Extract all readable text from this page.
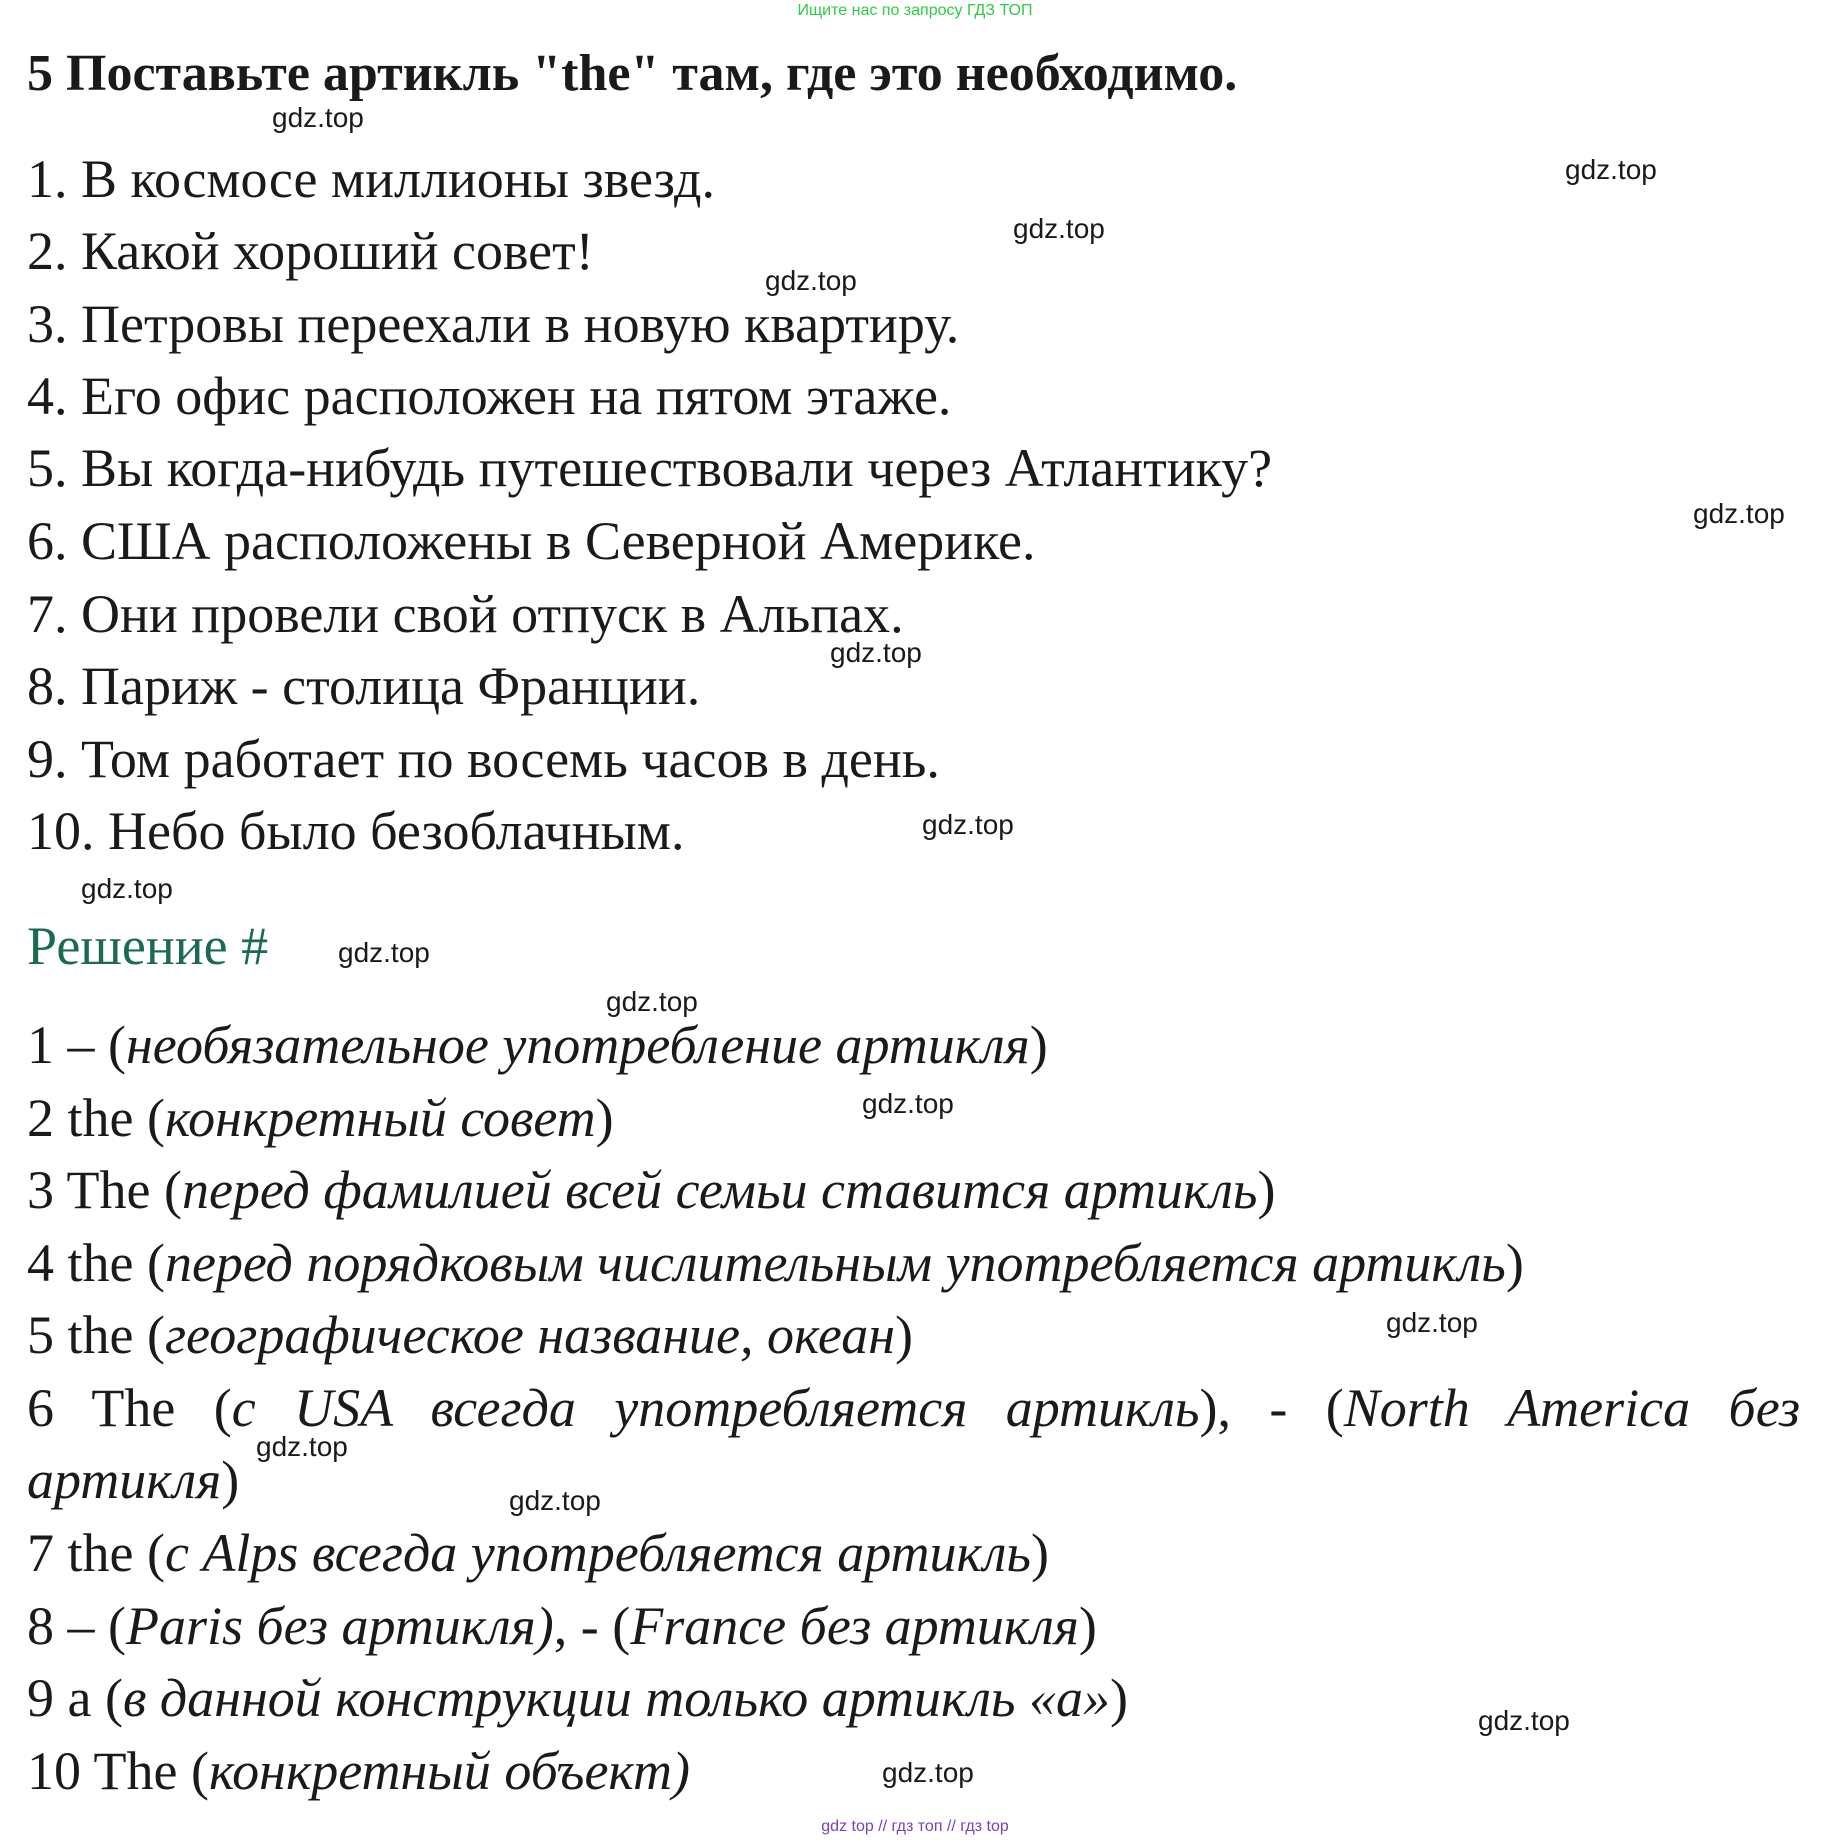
Ищите нас по запросу ГДЗ ТОП
5 Поставьте артикль "the" там, где это необходимо.
1. В космосе миллионы звезд.
2. Какой хороший совет!
3. Петровы переехали в новую квартиру.
4. Его офис расположен на пятом этаже.
5. Вы когда-нибудь путешествовали через Атлантику?
6. США расположены в Северной Америке.
7. Они провели свой отпуск в Альпах.
8. Париж - столица Франции.
9. Том работает по восемь часов в день.
10. Небо было безоблачным.
Решение #
1 – (необязательное употребление артикля)
2 the (конкретный совет)
3 The (перед фамилией всей семьи ставится артикль)
4 the (перед порядковым числительным употребляется артикль)
5 the (географическое название, океан)
6 The (с USA всегда употребляется артикль), - (North America без
артикля)
7 the (с Alps всегда употребляется артикль)
8 – (Paris без артикля), - (France без артикля)
9 a (в данной конструкции только артикль «a»)
10 The (конкретный объект)
gdz.top
gdz.top
gdz.top
gdz.top
gdz.top
gdz.top
gdz.top
gdz.top
gdz.top
gdz.top
gdz.top
gdz.top
gdz.top
gdz.top
gdz.top
gdz.top
gdz top // гдз топ // гдз top
